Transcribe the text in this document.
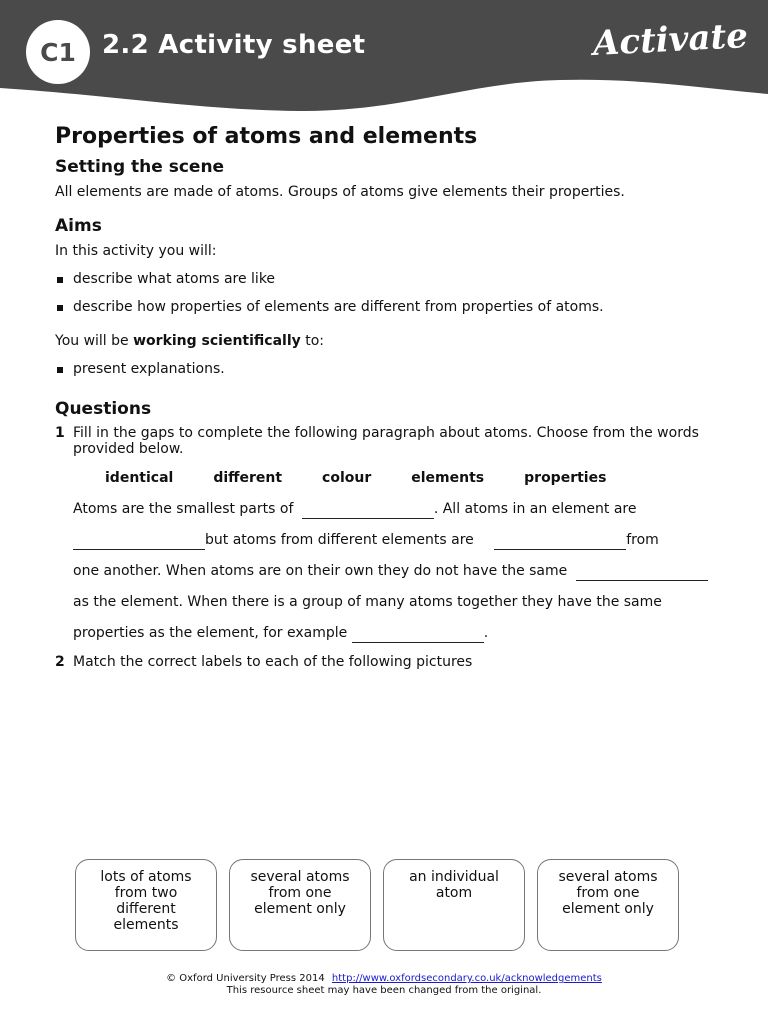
C1	2.2 Activity sheet	Activate
Properties of atoms and elements
Setting the scene

All elements are made of atoms. Groups of atoms give elements their properties.

Aims

In this activity you will:

describe what atoms are like
describe how properties of elements are different from properties of atoms.

You will be working scientifically to:

present explanations.
Questions
1 Fill in the gaps to complete the following paragraph about atoms. Choose from the words provided below.
identical	different	colour	elements	properties
Atoms are the smallest parts of	. All atoms in an element are
but atoms from different elements are	from
one another. When atoms are on their own they do not have the same
as the element. When there is a group of many atoms together they have the same
properties as the element, for example	.
2 Match the correct labels to each of the following pictures
lots of atoms from two different elements
several atoms from one element only
an individual atom
several atoms from one element only
© Oxford University Press 2014 http://www.oxfordsecondary.co.uk/acknowledgements
This resource sheet may have been changed from the original.
